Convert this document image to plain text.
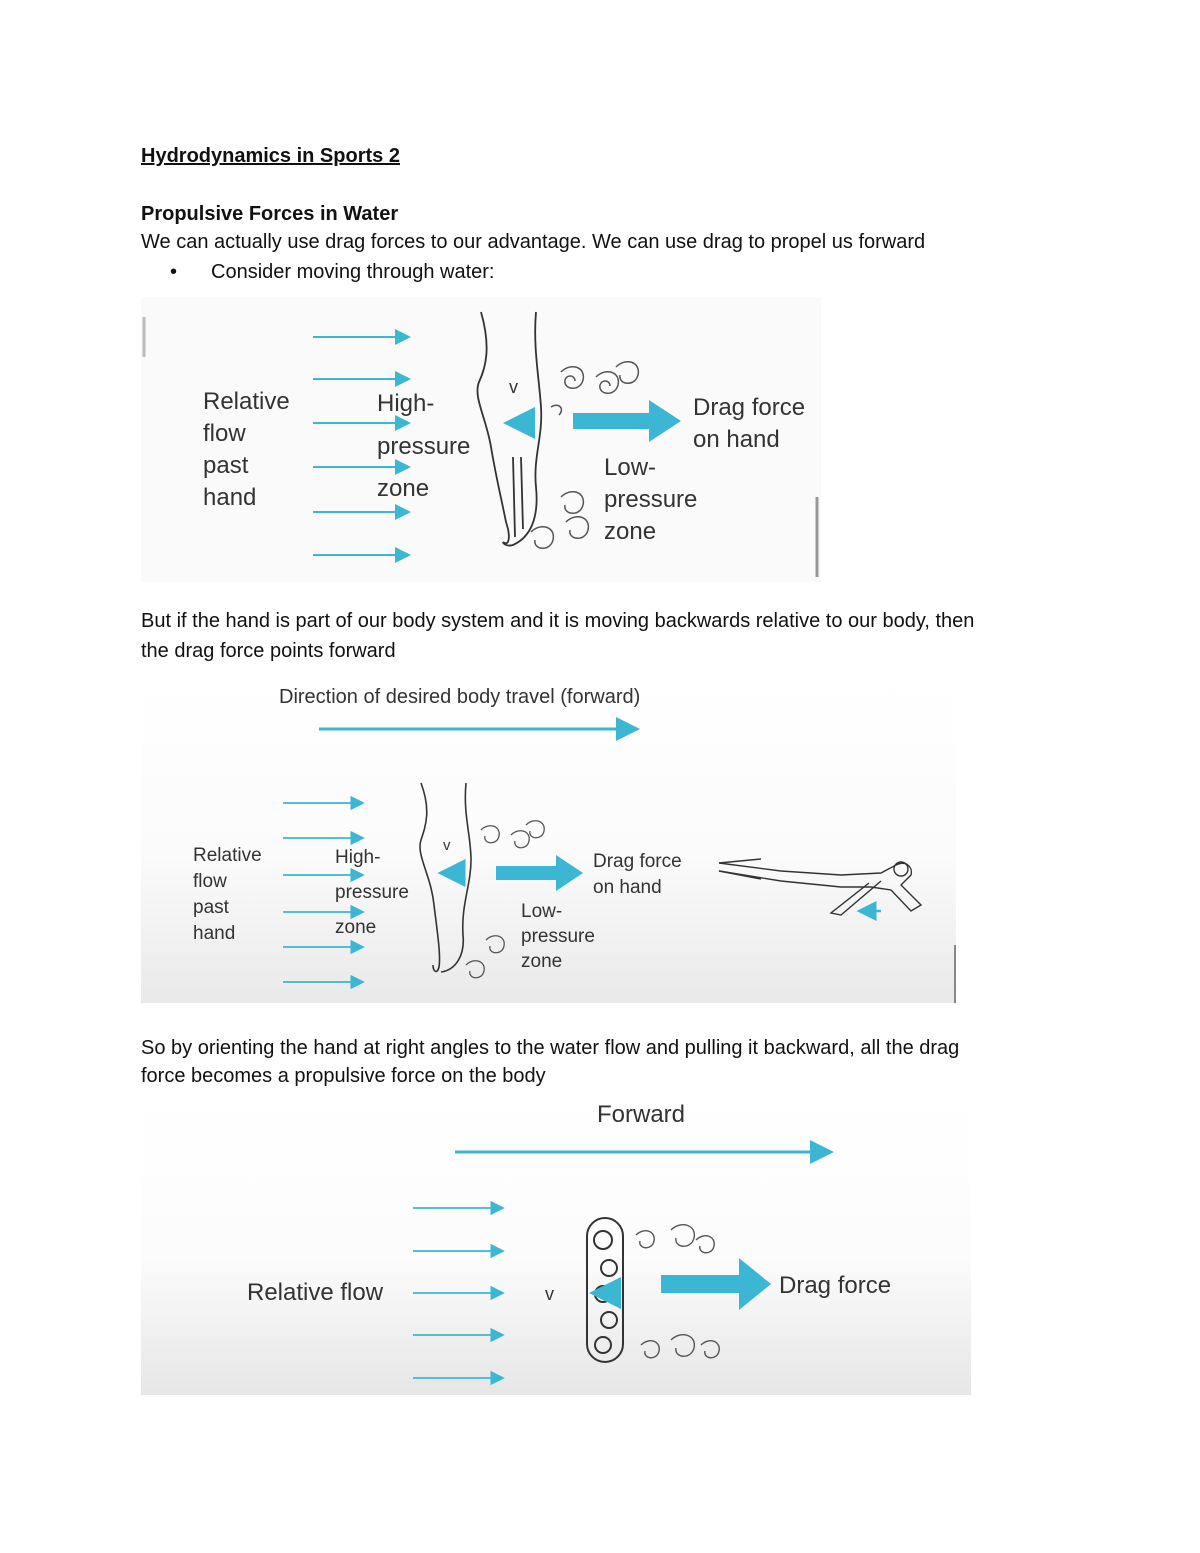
Hydrodynamics in Sports 2
Propulsive Forces in Water
We can actually use drag forces to our advantage. We can use drag to propel us forward
• Consider moving through water:
But if the hand is part of our body system and it is moving backwards relative to our body, then
the drag force points forward
So by orienting the hand at right angles to the water flow and pulling it backward, all the drag
force becomes a propulsive force on the body
v
Relative
flow
past
hand
High-
pressure
zone
Drag force
on hand
Low-
pressure
zone
Direction of desired body travel (forward)
v
Relative
flow
past
hand
High-
pressure
zone
Drag force
on hand
Low-
pressure
zone
Forward
Relative flow	v	Drag force
